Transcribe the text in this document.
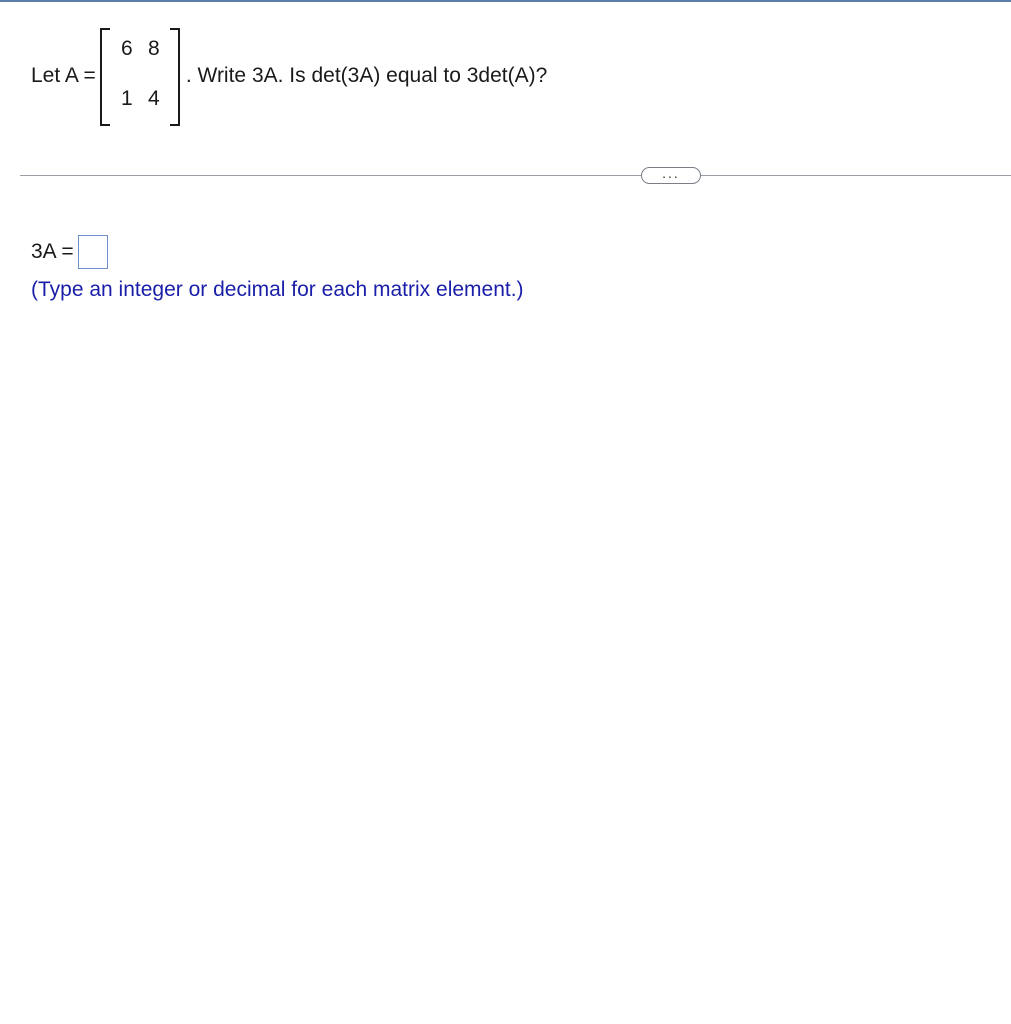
Let A =
6 8
1 4
. Write 3A. Is det(3A) equal to 3det(A)?
...
3A =
(Type an integer or decimal for each matrix element.)
